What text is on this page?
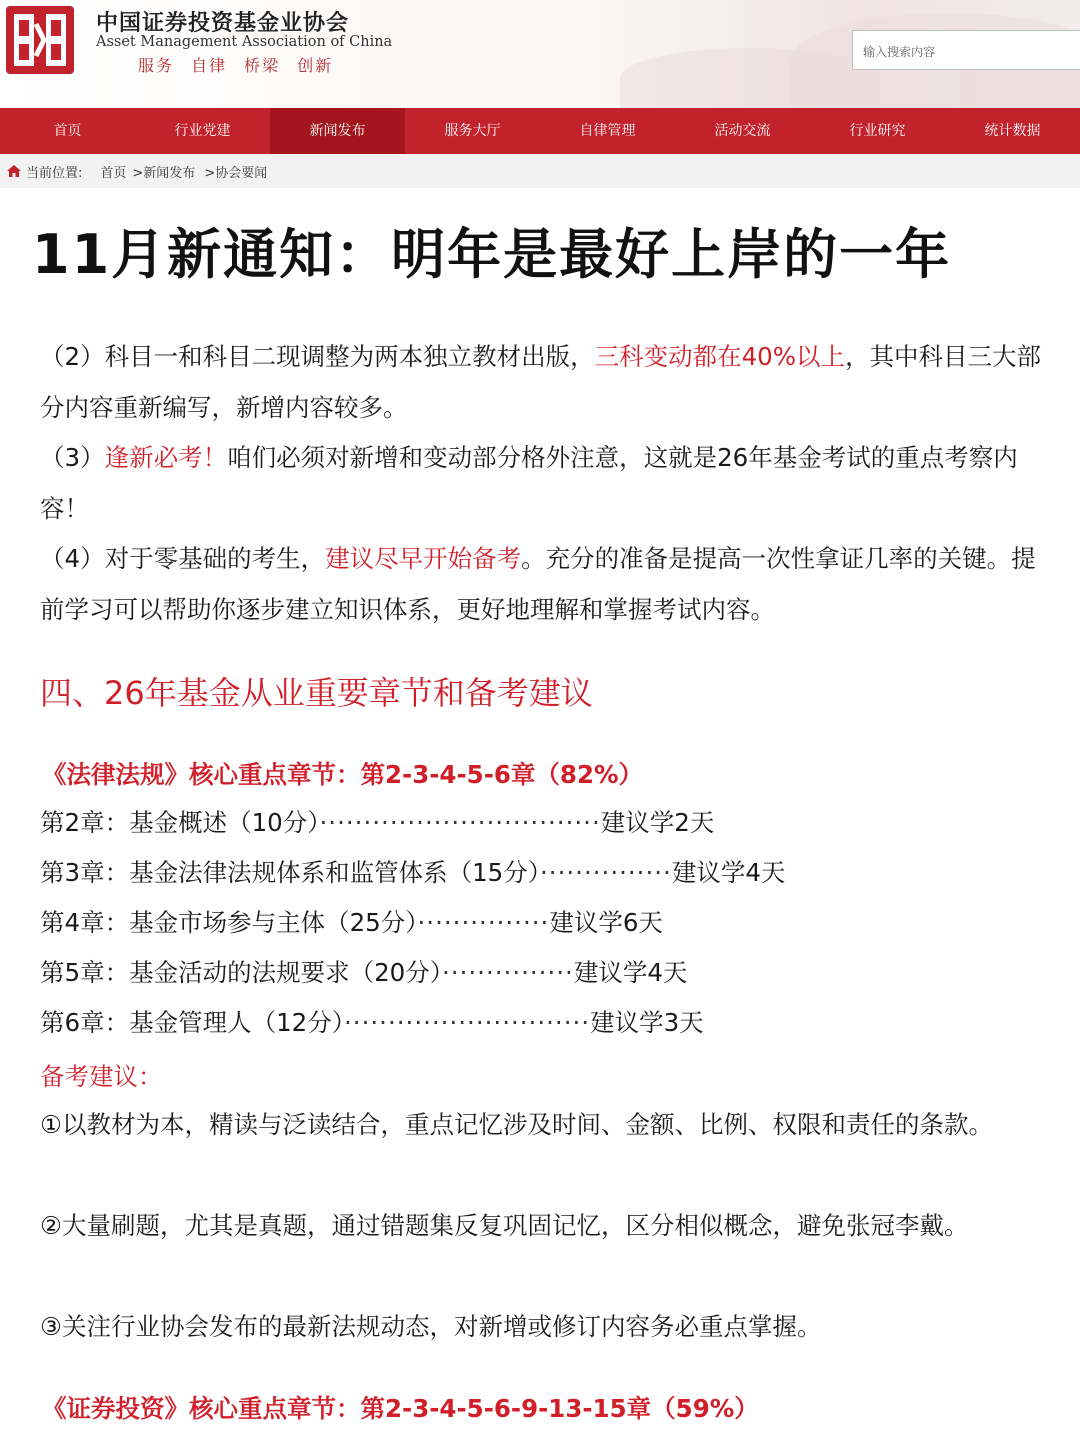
中国证券投资基金业协会
Asset Management Association of China
服务 自律 桥梁 创新
输入搜索内容
首页	行业党建	新闻发布	服务大厅	自律管理	活动交流	行业研究	统计数据
当前位置: 首页 >新闻发布 >协会要闻
11月新通知：明年是最好上岸的一年
（2）科目一和科目二现调整为两本独立教材出版，三科变动都在40%以上，其中科目三大部分内容重新编写，新增内容较多。
（3）逢新必考！咱们必须对新增和变动部分格外注意，这就是26年基金考试的重点考察内容！
（4）对于零基础的考生，建议尽早开始备考。充分的准备是提高一次性拿证几率的关键。提前学习可以帮助你逐步建立知识体系，更好地理解和掌握考试内容。
四、26年基金从业重要章节和备考建议
《法律法规》核心重点章节：第2-3-4-5-6章（82%）
第2章：基金概述（10分）································建议学2天
第3章：基金法律法规体系和监管体系（15分）···············建议学4天
第4章：基金市场参与主体（25分）···············建议学6天
第5章：基金活动的法规要求（20分）···············建议学4天
第6章：基金管理人（12分）····························建议学3天
备考建议：
①以教材为本，精读与泛读结合，重点记忆涉及时间、金额、比例、权限和责任的条款。
②大量刷题，尤其是真题，通过错题集反复巩固记忆，区分相似概念，避免张冠李戴。
③关注行业协会发布的最新法规动态，对新增或修订内容务必重点掌握。
《证券投资》核心重点章节：第2-3-4-5-6-9-13-15章（59%）
